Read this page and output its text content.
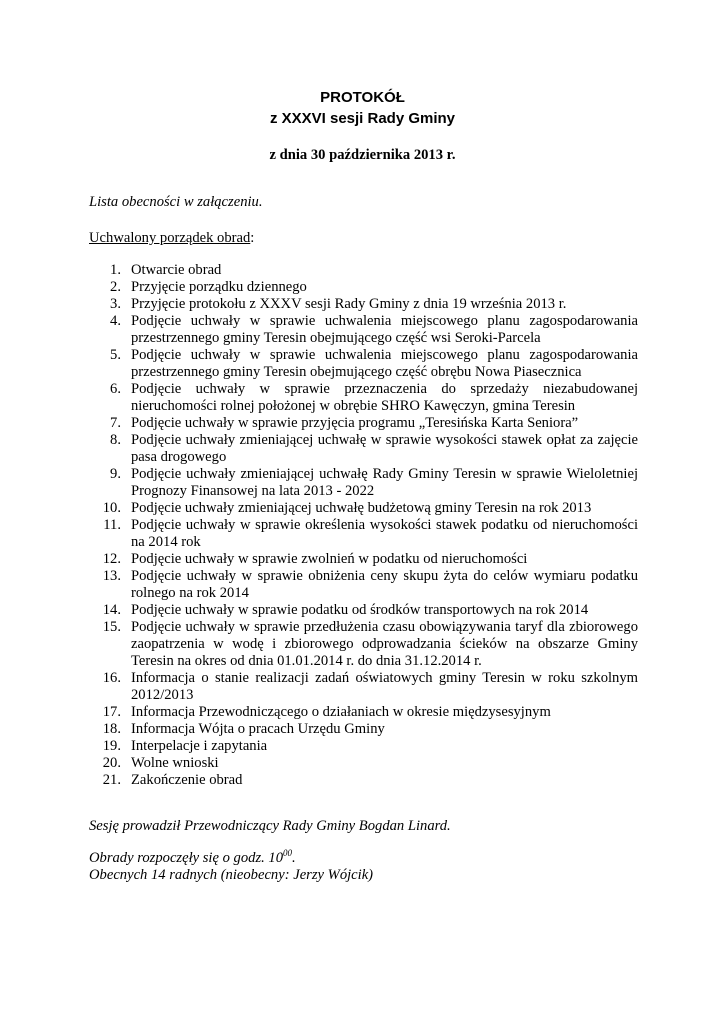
PROTOKÓŁ
z XXXVI sesji Rady Gminy
z dnia 30 października 2013 r.
Lista obecności w załączeniu.
Uchwalony porządek obrad:
1. Otwarcie obrad
2. Przyjęcie porządku dziennego
3. Przyjęcie protokołu z XXXV sesji Rady Gminy z dnia 19 września 2013 r.
4. Podjęcie uchwały w sprawie uchwalenia miejscowego planu zagospodarowania przestrzennego gminy Teresin obejmującego część wsi Seroki-Parcela
5. Podjęcie uchwały w sprawie uchwalenia miejscowego planu zagospodarowania przestrzennego gminy Teresin obejmującego część obrębu Nowa Piasecznica
6. Podjęcie uchwały w sprawie przeznaczenia do sprzedaży niezabudowanej nieruchomości rolnej położonej w obrębie SHRO Kawęczyn, gmina Teresin
7. Podjęcie uchwały w sprawie przyjęcia programu „Teresińska Karta Seniora”
8. Podjęcie uchwały zmieniającej uchwałę w sprawie wysokości stawek opłat za zajęcie pasa drogowego
9. Podjęcie uchwały zmieniającej uchwałę Rady Gminy Teresin w sprawie Wieloletniej Prognozy Finansowej na lata 2013 - 2022
10. Podjęcie uchwały zmieniającej uchwałę budżetową gminy Teresin na rok 2013
11. Podjęcie uchwały w sprawie określenia wysokości stawek podatku od nieruchomości na 2014 rok
12. Podjęcie uchwały w sprawie zwolnień w podatku od nieruchomości
13. Podjęcie uchwały w sprawie obniżenia ceny skupu żyta do celów wymiaru podatku rolnego na rok 2014
14. Podjęcie uchwały w sprawie podatku od środków transportowych na rok 2014
15. Podjęcie uchwały w sprawie przedłużenia czasu obowiązywania taryf dla zbiorowego zaopatrzenia w wodę i zbiorowego odprowadzania ścieków na obszarze Gminy Teresin na okres od dnia 01.01.2014 r. do dnia 31.12.2014 r.
16. Informacja o stanie realizacji zadań oświatowych gminy Teresin w roku szkolnym 2012/2013
17. Informacja Przewodniczącego o działaniach w okresie międzysesyjnym
18. Informacja Wójta o pracach Urzędu Gminy
19. Interpelacje i zapytania
20. Wolne wnioski
21. Zakończenie obrad
Sesję prowadził Przewodniczący Rady Gminy Bogdan Linard.
Obrady rozpoczęły się o godz. $10^{00}$.
Obecnych 14 radnych (nieobecny: Jerzy Wójcik)
